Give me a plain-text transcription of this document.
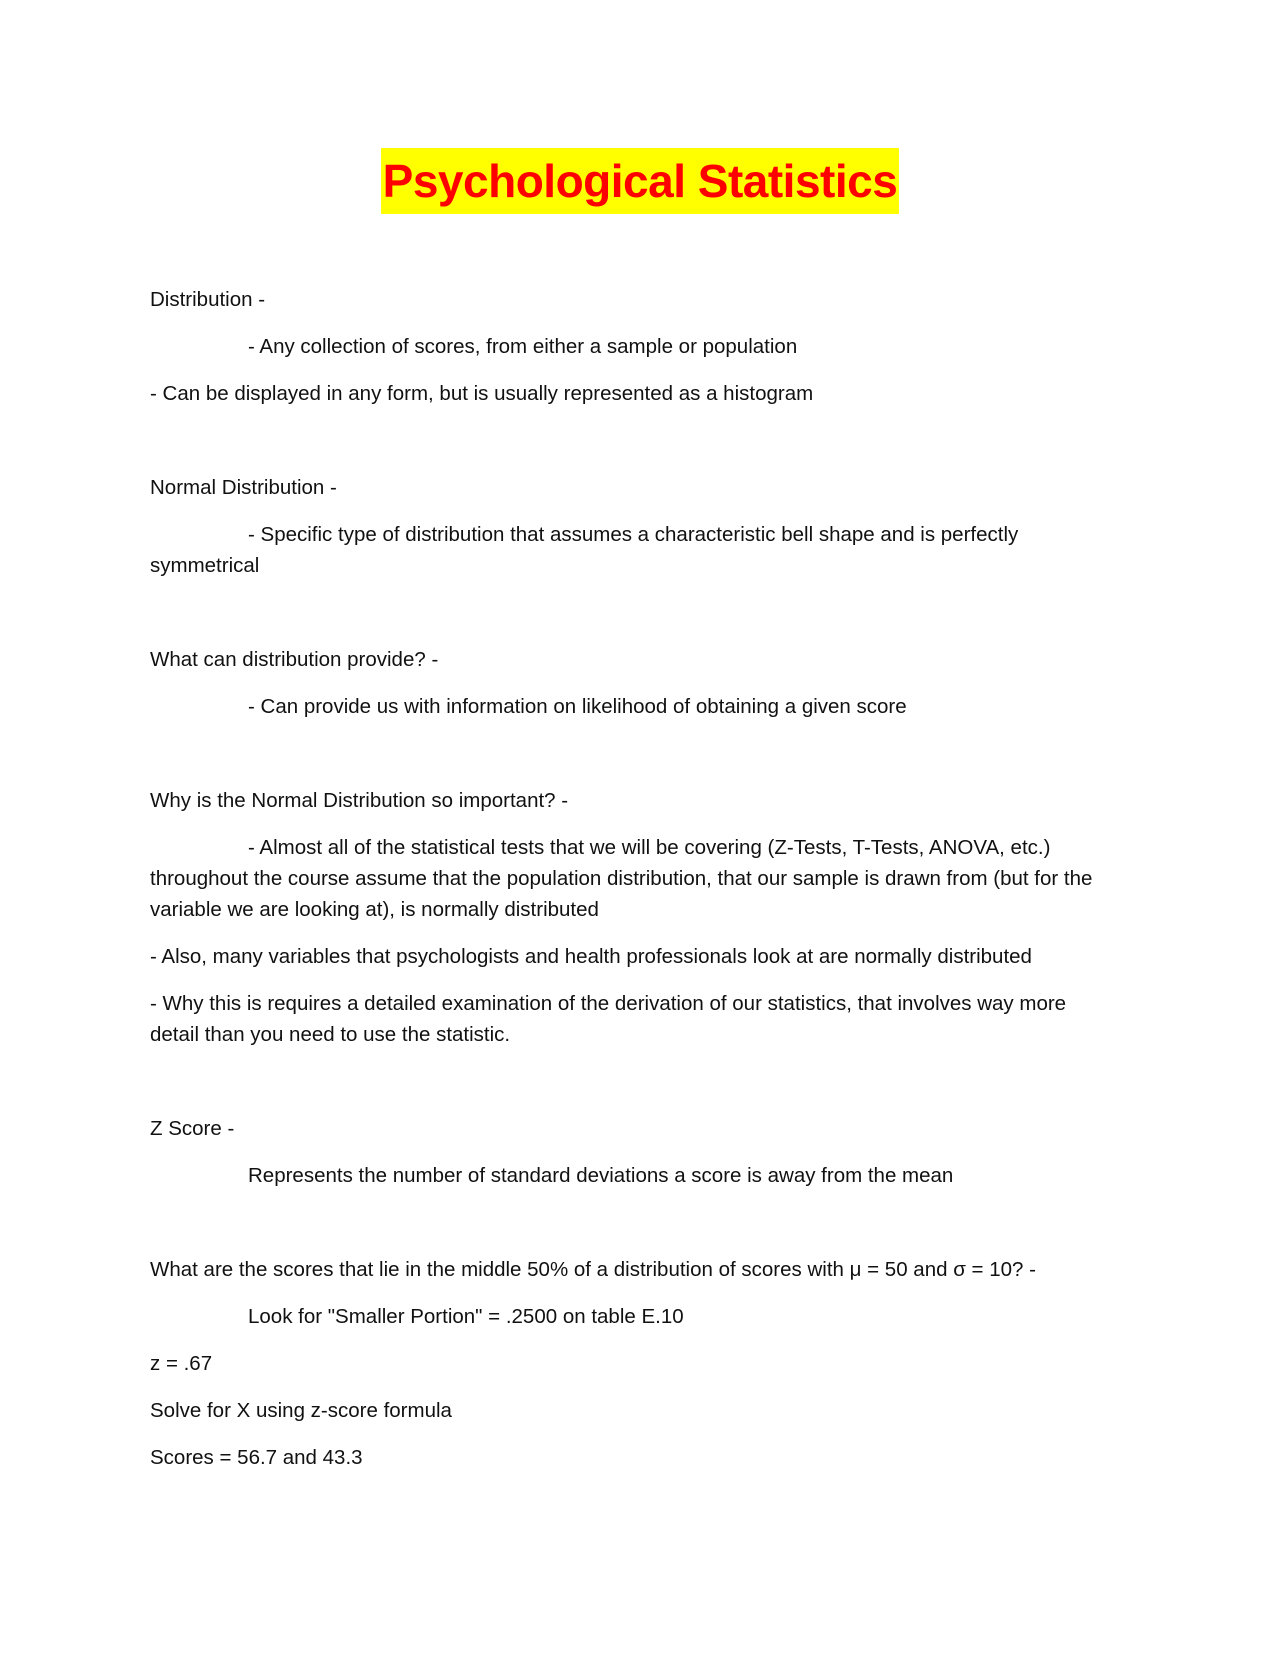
Psychological Statistics

Distribution -

- Any collection of scores, from either a sample or population

- Can be displayed in any form, but is usually represented as a histogram

Normal Distribution -

- Specific type of distribution that assumes a characteristic bell shape and is perfectly symmetrical

What can distribution provide? -

- Can provide us with information on likelihood of obtaining a given score

Why is the Normal Distribution so important? -

- Almost all of the statistical tests that we will be covering (Z-Tests, T-Tests, ANOVA, etc.) throughout the course assume that the population distribution, that our sample is drawn from (but for the variable we are looking at), is normally distributed

- Also, many variables that psychologists and health professionals look at are normally distributed

- Why this is requires a detailed examination of the derivation of our statistics, that involves way more detail than you need to use the statistic.

Z Score -

Represents the number of standard deviations a score is away from the mean

What are the scores that lie in the middle 50% of a distribution of scores with μ = 50 and σ = 10? -

Look for "Smaller Portion" = .2500 on table E.10

z = .67

Solve for X using z-score formula

Scores = 56.7 and 43.3
